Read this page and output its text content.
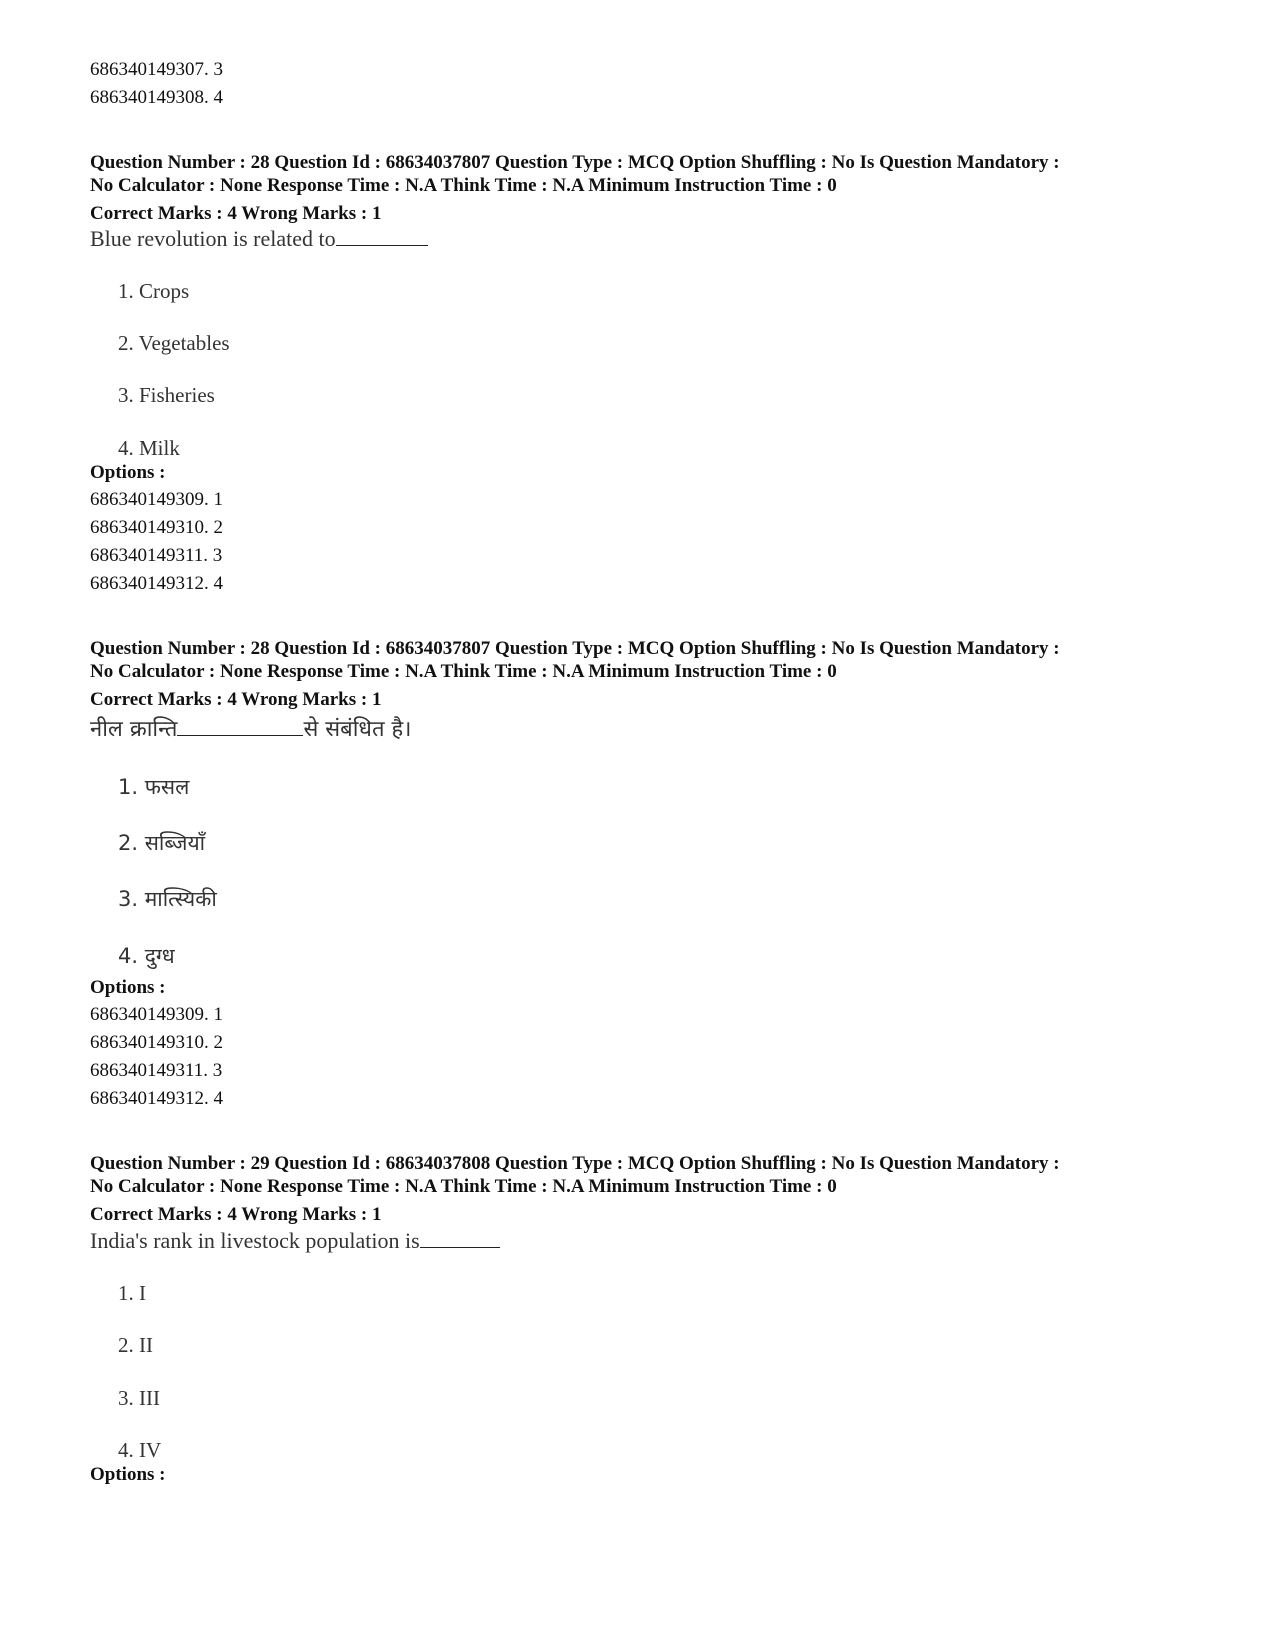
686340149307. 3
686340149308. 4
Question Number : 28 Question Id : 68634037807 Question Type : MCQ Option Shuffling : No Is Question Mandatory :
No Calculator : None Response Time : N.A Think Time : N.A Minimum Instruction Time : 0
Correct Marks : 4 Wrong Marks : 1
Blue revolution is related to
1. Crops
2. Vegetables
3. Fisheries
4. Milk
Options :
686340149309. 1
686340149310. 2
686340149311. 3
686340149312. 4
Question Number : 28 Question Id : 68634037807 Question Type : MCQ Option Shuffling : No Is Question Mandatory :
No Calculator : None Response Time : N.A Think Time : N.A Minimum Instruction Time : 0
Correct Marks : 4 Wrong Marks : 1
नील क्रान्ति	से संबंधित है।
1. फसल
2. सब्जियाँ
3. मात्स्यिकी
4. दुग्ध
Options :
686340149309. 1
686340149310. 2
686340149311. 3
686340149312. 4
Question Number : 29 Question Id : 68634037808 Question Type : MCQ Option Shuffling : No Is Question Mandatory :
No Calculator : None Response Time : N.A Think Time : N.A Minimum Instruction Time : 0
Correct Marks : 4 Wrong Marks : 1
India's rank in livestock population is
1. I
2. II
3. III
4. IV
Options :
